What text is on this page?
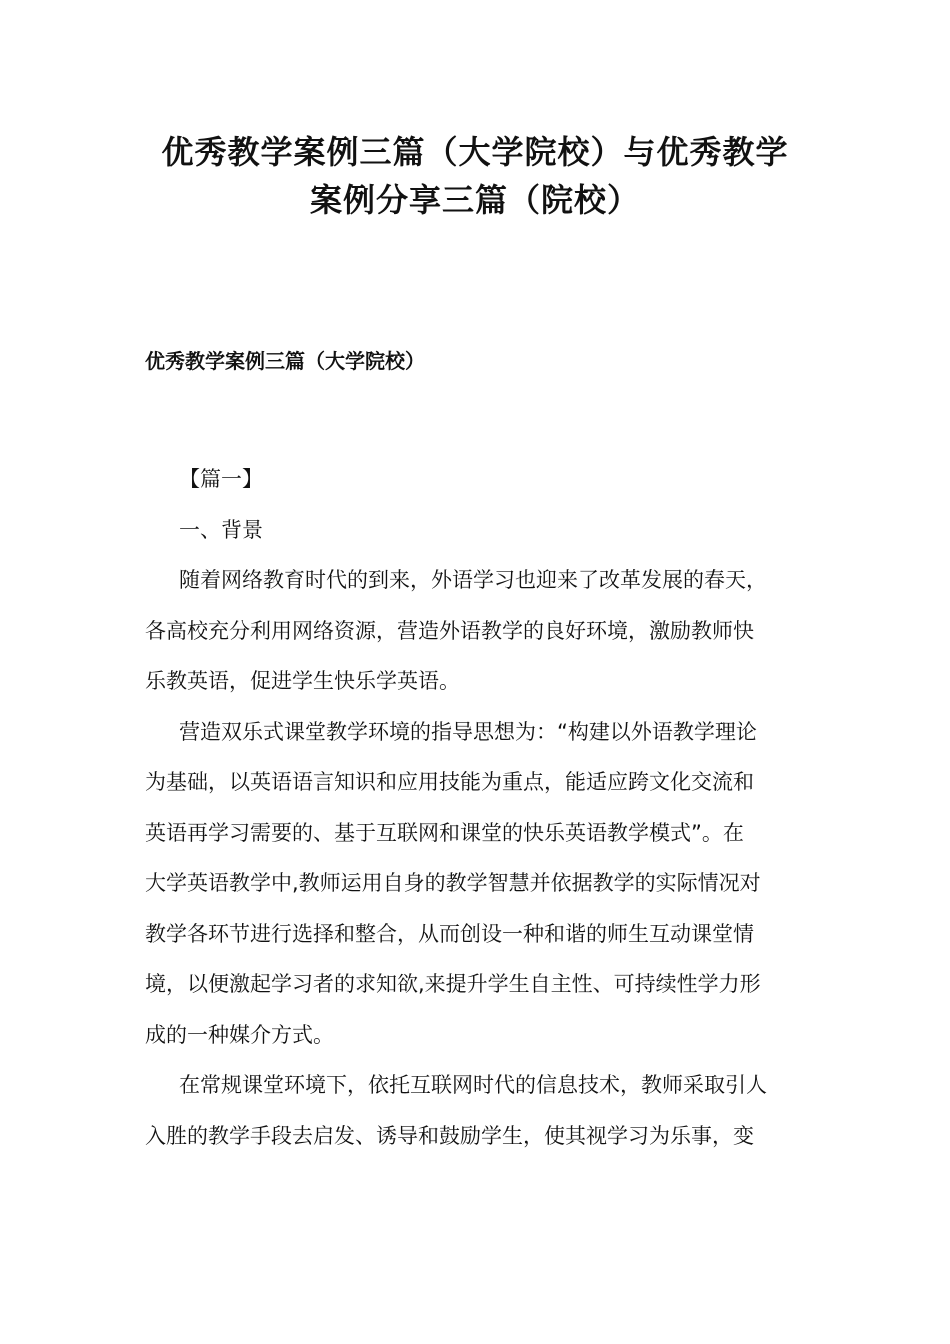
优秀教学案例三篇（大学院校）与优秀教学
案例分享三篇（院校）
优秀教学案例三篇（大学院校）

【篇一】

一、背景

随着网络教育时代的到来，外语学习也迎来了改革发展的春天，
各高校充分利用网络资源，营造外语教学的良好环境，激励教师快
乐教英语，促进学生快乐学英语。
营造双乐式课堂教学环境的指导思想为：“构建以外语教学理论
为基础，以英语语言知识和应用技能为重点，能适应跨文化交流和
英语再学习需要的、基于互联网和课堂的快乐英语教学模式”。在
大学英语教学中,教师运用自身的教学智慧并依据教学的实际情况对
教学各环节进行选择和整合，从而创设一种和谐的师生互动课堂情
境，以便激起学习者的求知欲,来提升学生自主性、可持续性学力形
成的一种媒介方式。
在常规课堂环境下，依托互联网时代的信息技术，教师采取引人
入胜的教学手段去启发、诱导和鼓励学生，使其视学习为乐事，变
